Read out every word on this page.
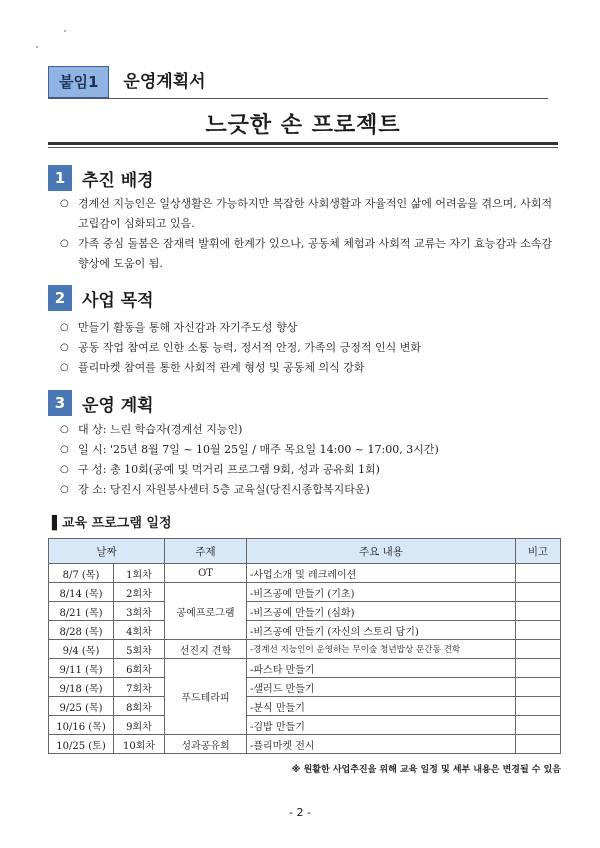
붙임1	운영계획서
느긋한 손 프로젝트
1 추진 배경
○ 경계선 지능인은 일상생활은 가능하지만 복잡한 사회생활과 자율적인 삶에 어려움을 겪으며, 사회적 고립감이 심화되고 있음.
○ 가족 중심 돌봄은 잠재력 발휘에 한계가 있으나, 공동체 체험과 사회적 교류는 자기 효능감과 소속감 향상에 도움이 됨.
2 사업 목적
○ 만들기 활동을 통해 자신감과 자기주도성 향상
○ 공동 작업 참여로 인한 소통 능력, 정서적 안정, 가족의 긍정적 인식 변화
○ 플리마켓 참여를 통한 사회적 관계 형성 및 공동체 의식 강화
3 운영 계획
○ 대 상: 느린 학습자(경계선 지능인)
○ 일 시: '25년 8월 7일 ~ 10월 25일 / 매주 목요일 14:00 ~ 17:00, 3시간)
○ 구 성: 총 10회(공예 및 먹거리 프로그램 9회, 성과 공유회 1회)
○ 장 소: 당진시 자원봉사센터 5층 교육실(당진시종합복지타운)
▌교육 프로그램 일정
날짜		주제	주요 내용	비고
8/7 (목)	1회차	OT	-사업소개 및 레크레이션	
8/14 (목)	2회차	공예프로그램	-비즈공예 만들기 (기초)	
8/21 (목)	3회차		-비즈공예 만들기 (심화)	
8/28 (목)	4회차		-비즈공예 만들기 (자신의 스토리 담기)	
9/4 (목)	5회차	선진지 견학	-경계선 지능인이 운영하는 무이숲 청년밥상 문간동 견학	
9/11 (목)	6회차	푸드테라피	-파스타 만들기	
9/18 (목)	7회차		-샐러드 만들기	
9/25 (목)	8회차		-분식 만들기	
10/16 (목)	9회차		-김밥 만들기	
10/25 (토)	10회차	성과공유회	-플리마켓 전시	
※ 원활한 사업추진을 위해 교육 일정 및 세부 내용은 변경될 수 있음
- 2 -
